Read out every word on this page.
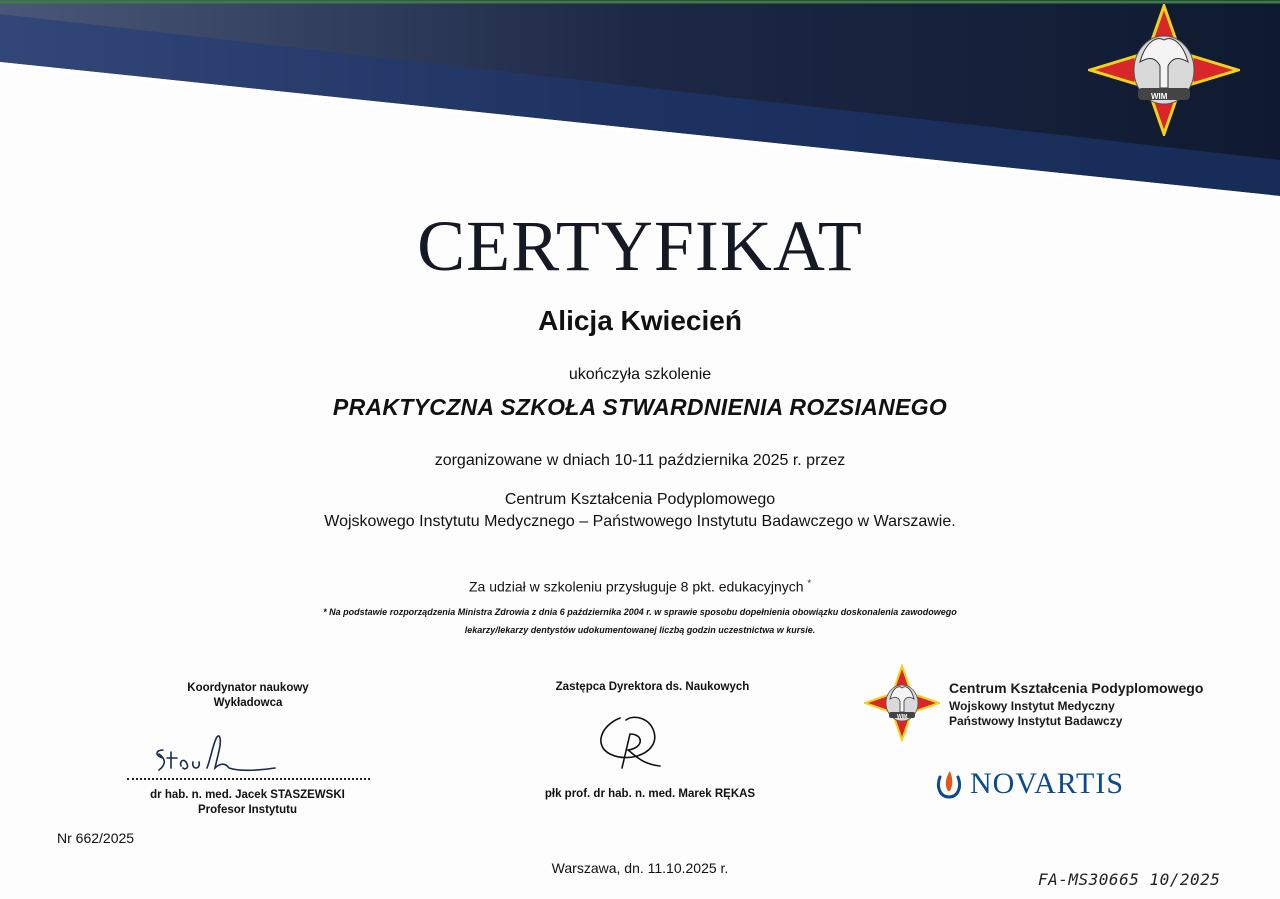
WIM
CERTYFIKAT
Alicja Kwiecień
ukończyła szkolenie
PRAKTYCZNA SZKOŁA STWARDNIENIA ROZSIANEGO
zorganizowane w dniach 10-11 października 2025 r. przez
Centrum Kształcenia Podyplomowego
Wojskowego Instytutu Medycznego – Państwowego Instytutu Badawczego w Warszawie.
Za udział w szkoleniu przysługuje 8 pkt. edukacyjnych *
* Na podstawie rozporządzenia Ministra Zdrowia z dnia 6 października 2004 r. w sprawie sposobu dopełnienia obowiązku doskonalenia zawodowego
lekarzy/lekarzy dentystów udokumentowanej liczbą godzin uczestnictwa w kursie.
Koordynator naukowy
Wykładowca
dr hab. n. med. Jacek STASZEWSKI
Profesor Instytutu
Zastępca Dyrektora ds. Naukowych
płk prof. dr hab. n. med. Marek RĘKAS
WIM
Centrum Kształcenia Podyplomowego
Wojskowy Instytut Medyczny
Państwowy Instytut Badawczy
NOVARTIS
Nr 662/2025
Warszawa, dn. 11.10.2025 r.
FA-MS30665 10/2025
